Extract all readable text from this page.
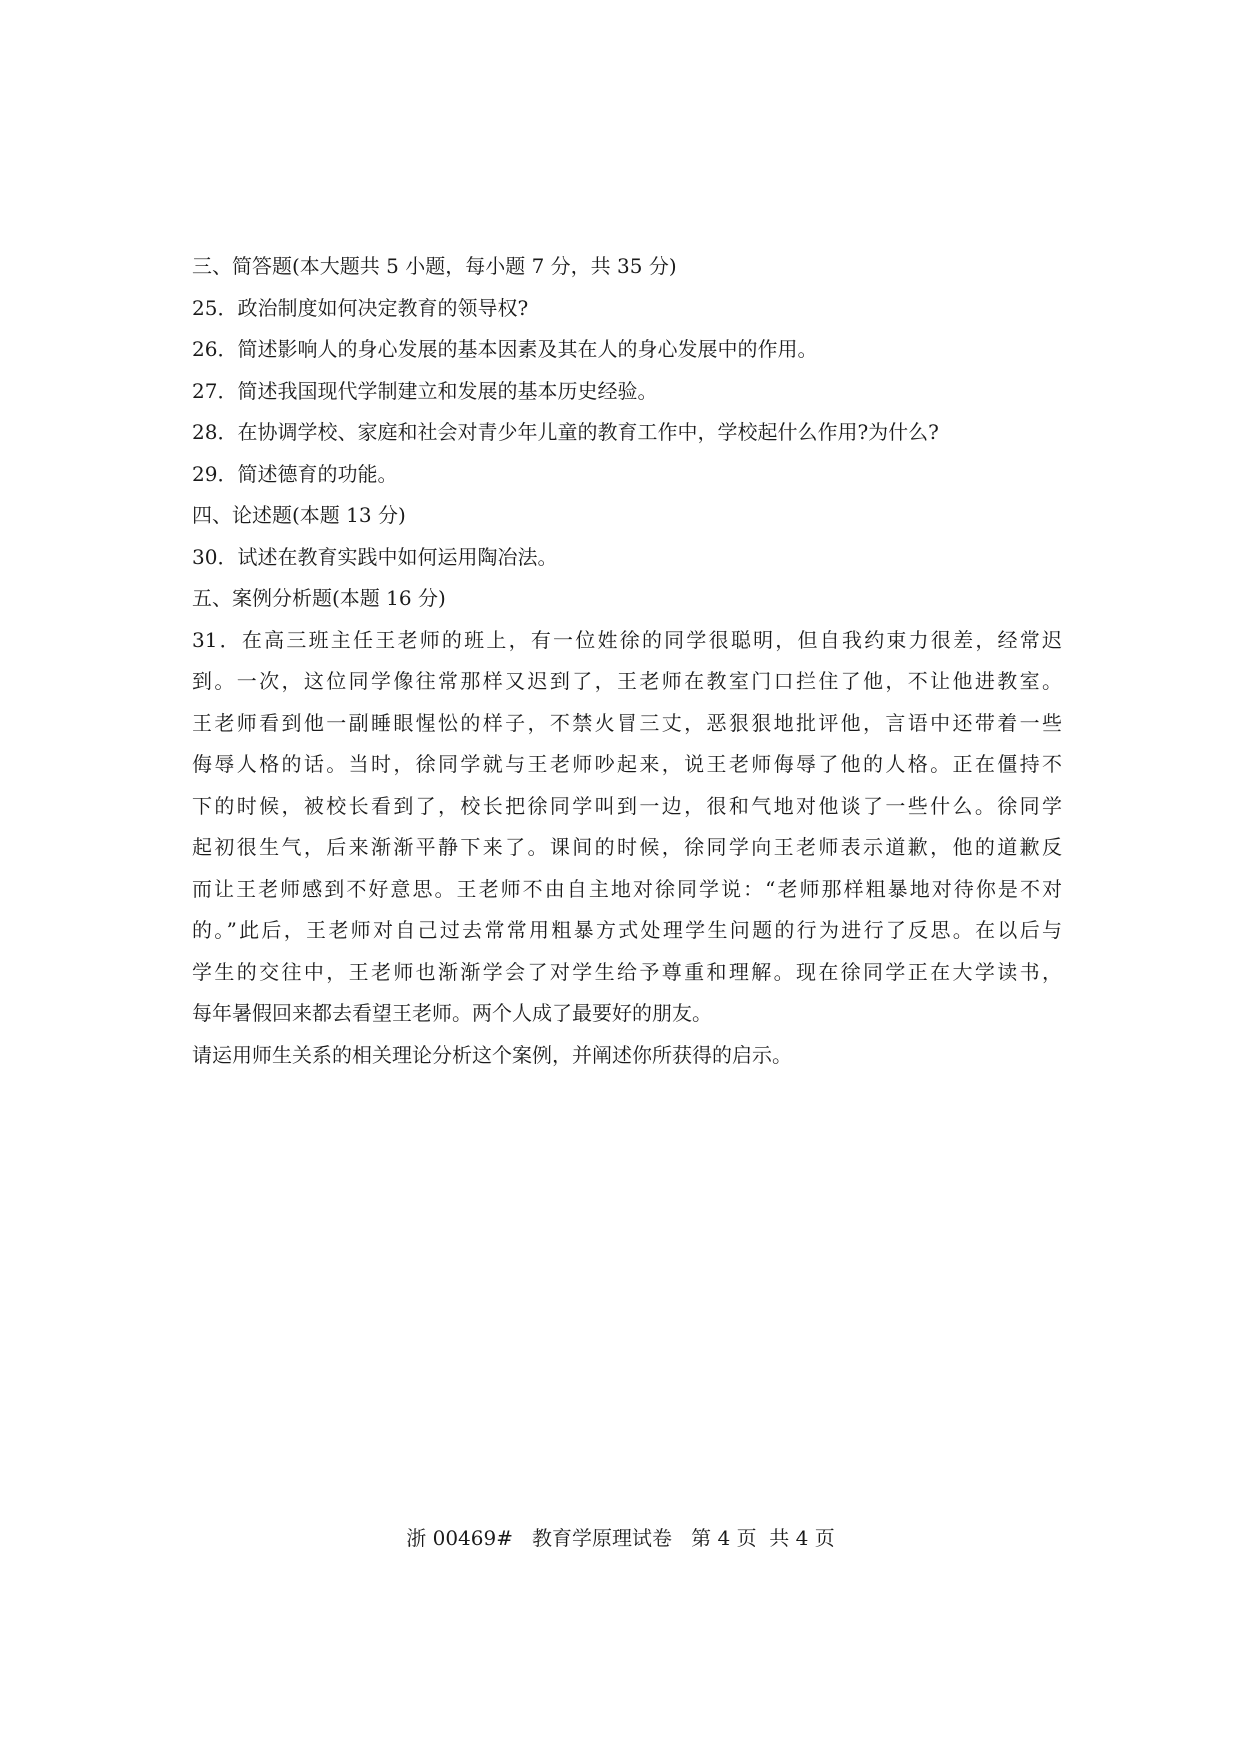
三、简答题(本大题共 5 小题，每小题 7 分，共 35 分)
25．政治制度如何决定教育的领导权?
26．简述影响人的身心发展的基本因素及其在人的身心发展中的作用。
27．简述我国现代学制建立和发展的基本历史经验。
28．在协调学校、家庭和社会对青少年儿童的教育工作中，学校起什么作用?为什么?
29．简述德育的功能。
四、论述题(本题 13 分)
30．试述在教育实践中如何运用陶冶法。
五、案例分析题(本题 16 分)
31．在高三班主任王老师的班上，有一位姓徐的同学很聪明，但自我约束力很差，经常迟
到。一次，这位同学像往常那样又迟到了，王老师在教室门口拦住了他，不让他进教室。
王老师看到他一副睡眼惺忪的样子，不禁火冒三丈，恶狠狠地批评他，言语中还带着一些
侮辱人格的话。当时，徐同学就与王老师吵起来，说王老师侮辱了他的人格。正在僵持不
下的时候，被校长看到了，校长把徐同学叫到一边，很和气地对他谈了一些什么。徐同学
起初很生气，后来渐渐平静下来了。课间的时候，徐同学向王老师表示道歉，他的道歉反
而让王老师感到不好意思。王老师不由自主地对徐同学说：“老师那样粗暴地对待你是不对
的。”此后，王老师对自己过去常常用粗暴方式处理学生问题的行为进行了反思。在以后与
学生的交往中，王老师也渐渐学会了对学生给予尊重和理解。现在徐同学正在大学读书，
每年暑假回来都去看望王老师。两个人成了最要好的朋友。
请运用师生关系的相关理论分析这个案例，并阐述你所获得的启示。
浙 00469#   教育学原理试卷   第 4 页  共 4 页
